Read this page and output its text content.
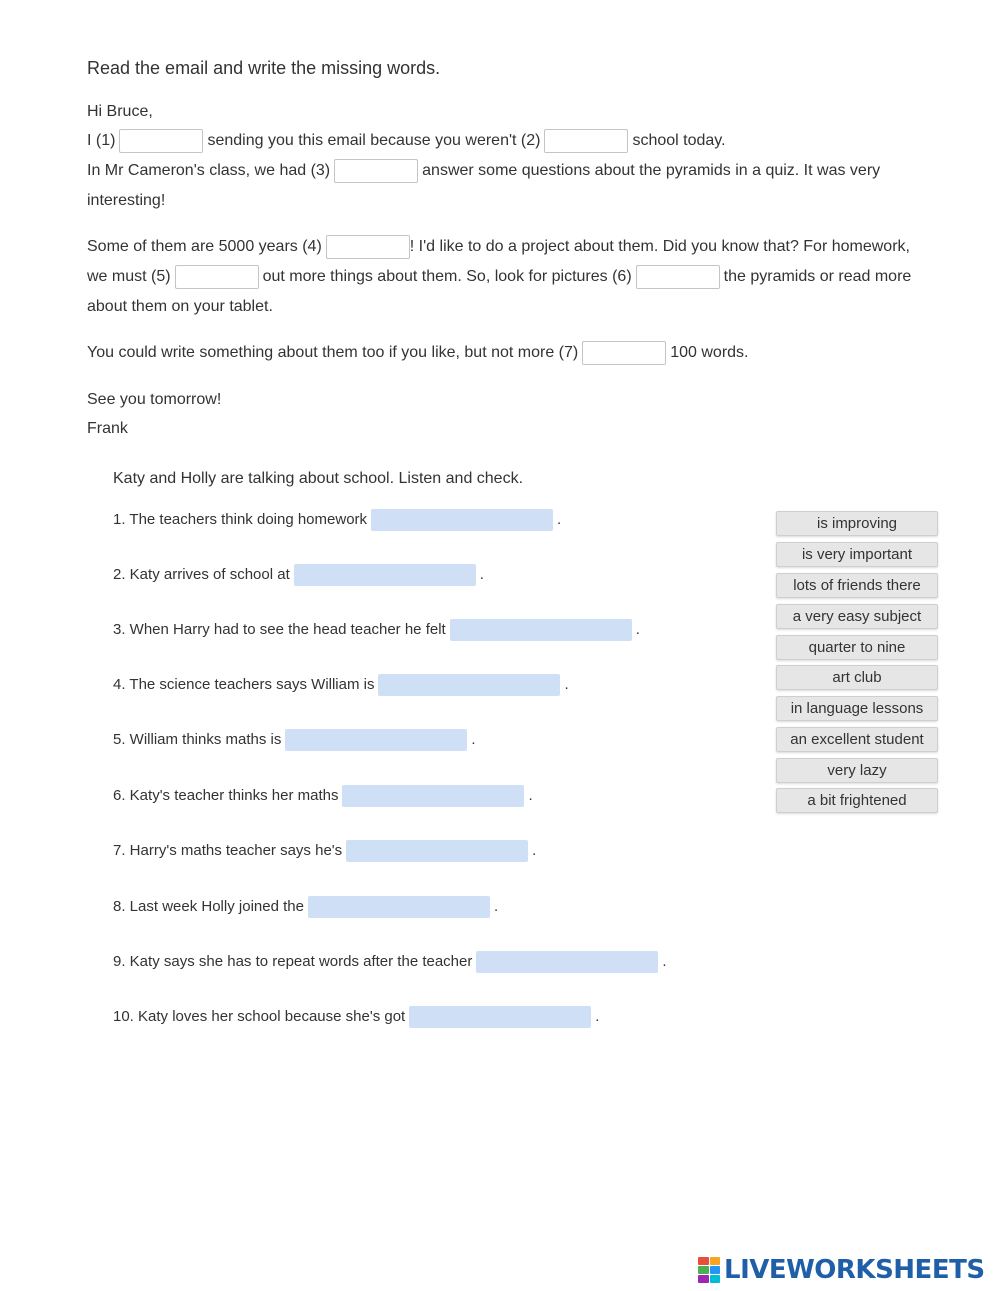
Read the email and write the missing words.
Hi Bruce,
I (1)	sending you this email because you weren't (2)	school today.
In Mr Cameron's class, we had (3)	answer some questions about the pyramids in a quiz. It was very
interesting!
Some of them are 5000 years (4)	! I'd like to do a project about them. Did you know that? For homework,
we must (5)	out more things about them. So, look for pictures (6)	the pyramids or read more
about them on your tablet.
You could write something about them too if you like, but not more (7)	100 words.
See you tomorrow!
Frank
Katy and Holly are talking about school. Listen and check.
1. The teachers think doing homework	.
2. Katy arrives of school at	.
3. When Harry had to see the head teacher he felt	.
4. The science teachers says William is	.
5. William thinks maths is	.
6. Katy's teacher thinks her maths	.
7. Harry's maths teacher says he's	.
8. Last week Holly joined the	.
9. Katy says she has to repeat words after the teacher	.
10. Katy loves her school because she's got	.
is improving
is very important
lots of friends there
a very easy subject
quarter to nine
art club
in language lessons
an excellent student
very lazy
a bit frightened
LIVEWORKSHEETS
